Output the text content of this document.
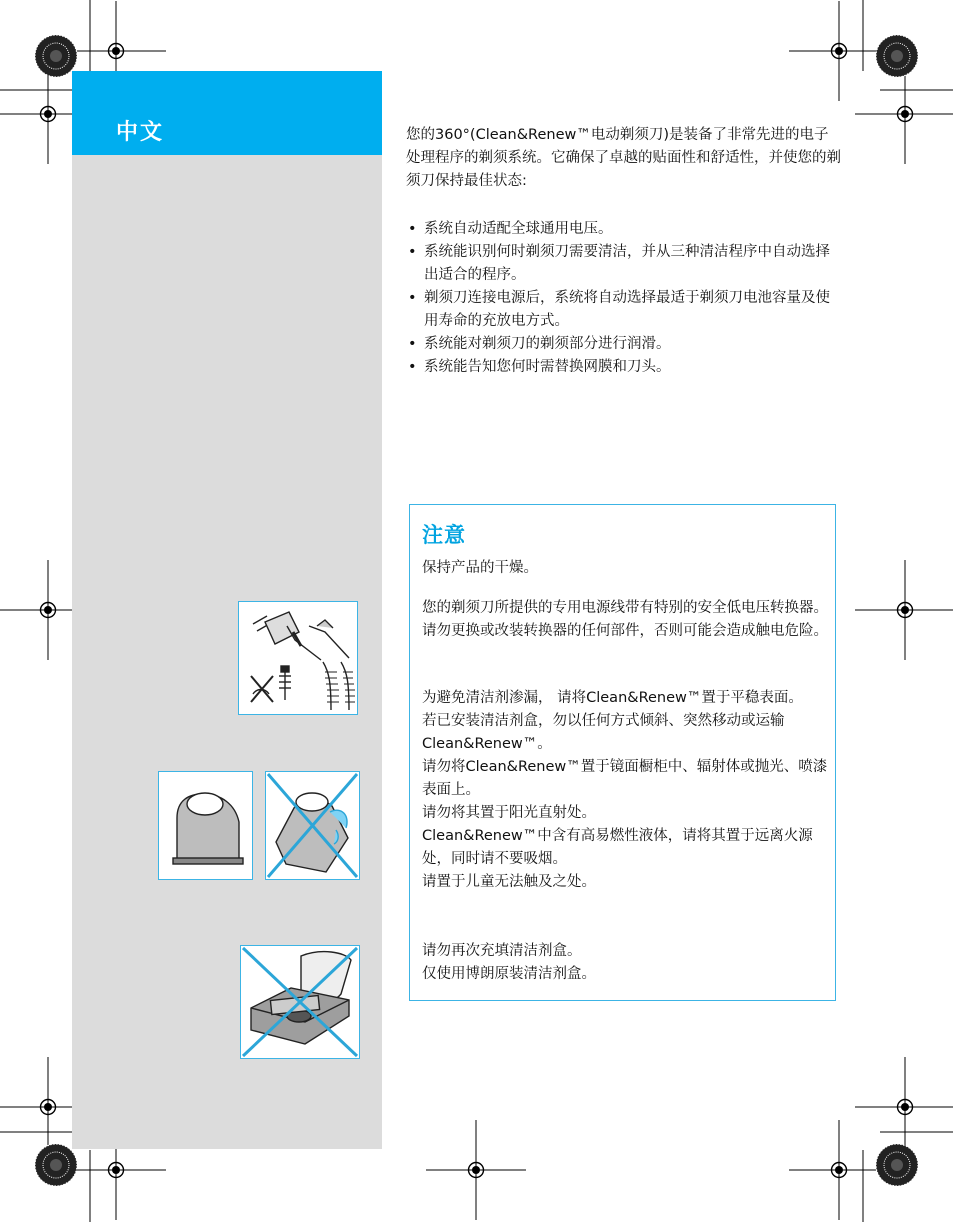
中文	您的360°(Clean&Renew™电动剃须刀)是装备了非常先进的电子处理程序的剃须系统。它确保了卓越的贴面性和舒适性，并使您的剃须刀保持最佳状态:

• 系统自动适配全球通用电压。
• 系统能识别何时剃须刀需要清洁，并从三种清洁程序中自动选择出适合的程序。
• 剃须刀连接电源后，系统将自动选择最适于剃须刀电池容量及使用寿命的充放电方式。
• 系统能对剃须刀的剃须部分进行润滑。
• 系统能告知您何时需替换网膜和刀头。
注意

保持产品的干燥。

您的剃须刀所提供的专用电源线带有特别的安全低电压转换器。请勿更换或改装转换器的任何部件，否则可能会造成触电危险。

为避免清洁剂渗漏， 请将Clean&Renew™置于平稳表面。
若已安装清洁剂盒，勿以任何方式倾斜、突然移动或运输Clean&Renew™。
请勿将Clean&Renew™置于镜面橱柜中、辐射体或抛光、喷漆表面上。
请勿将其置于阳光直射处。
Clean&Renew™中含有高易燃性液体，请将其置于远离火源处，同时请不要吸烟。
请置于儿童无法触及之处。

请勿再次充填清洁剂盒。
仅使用博朗原装清洁剂盒。
